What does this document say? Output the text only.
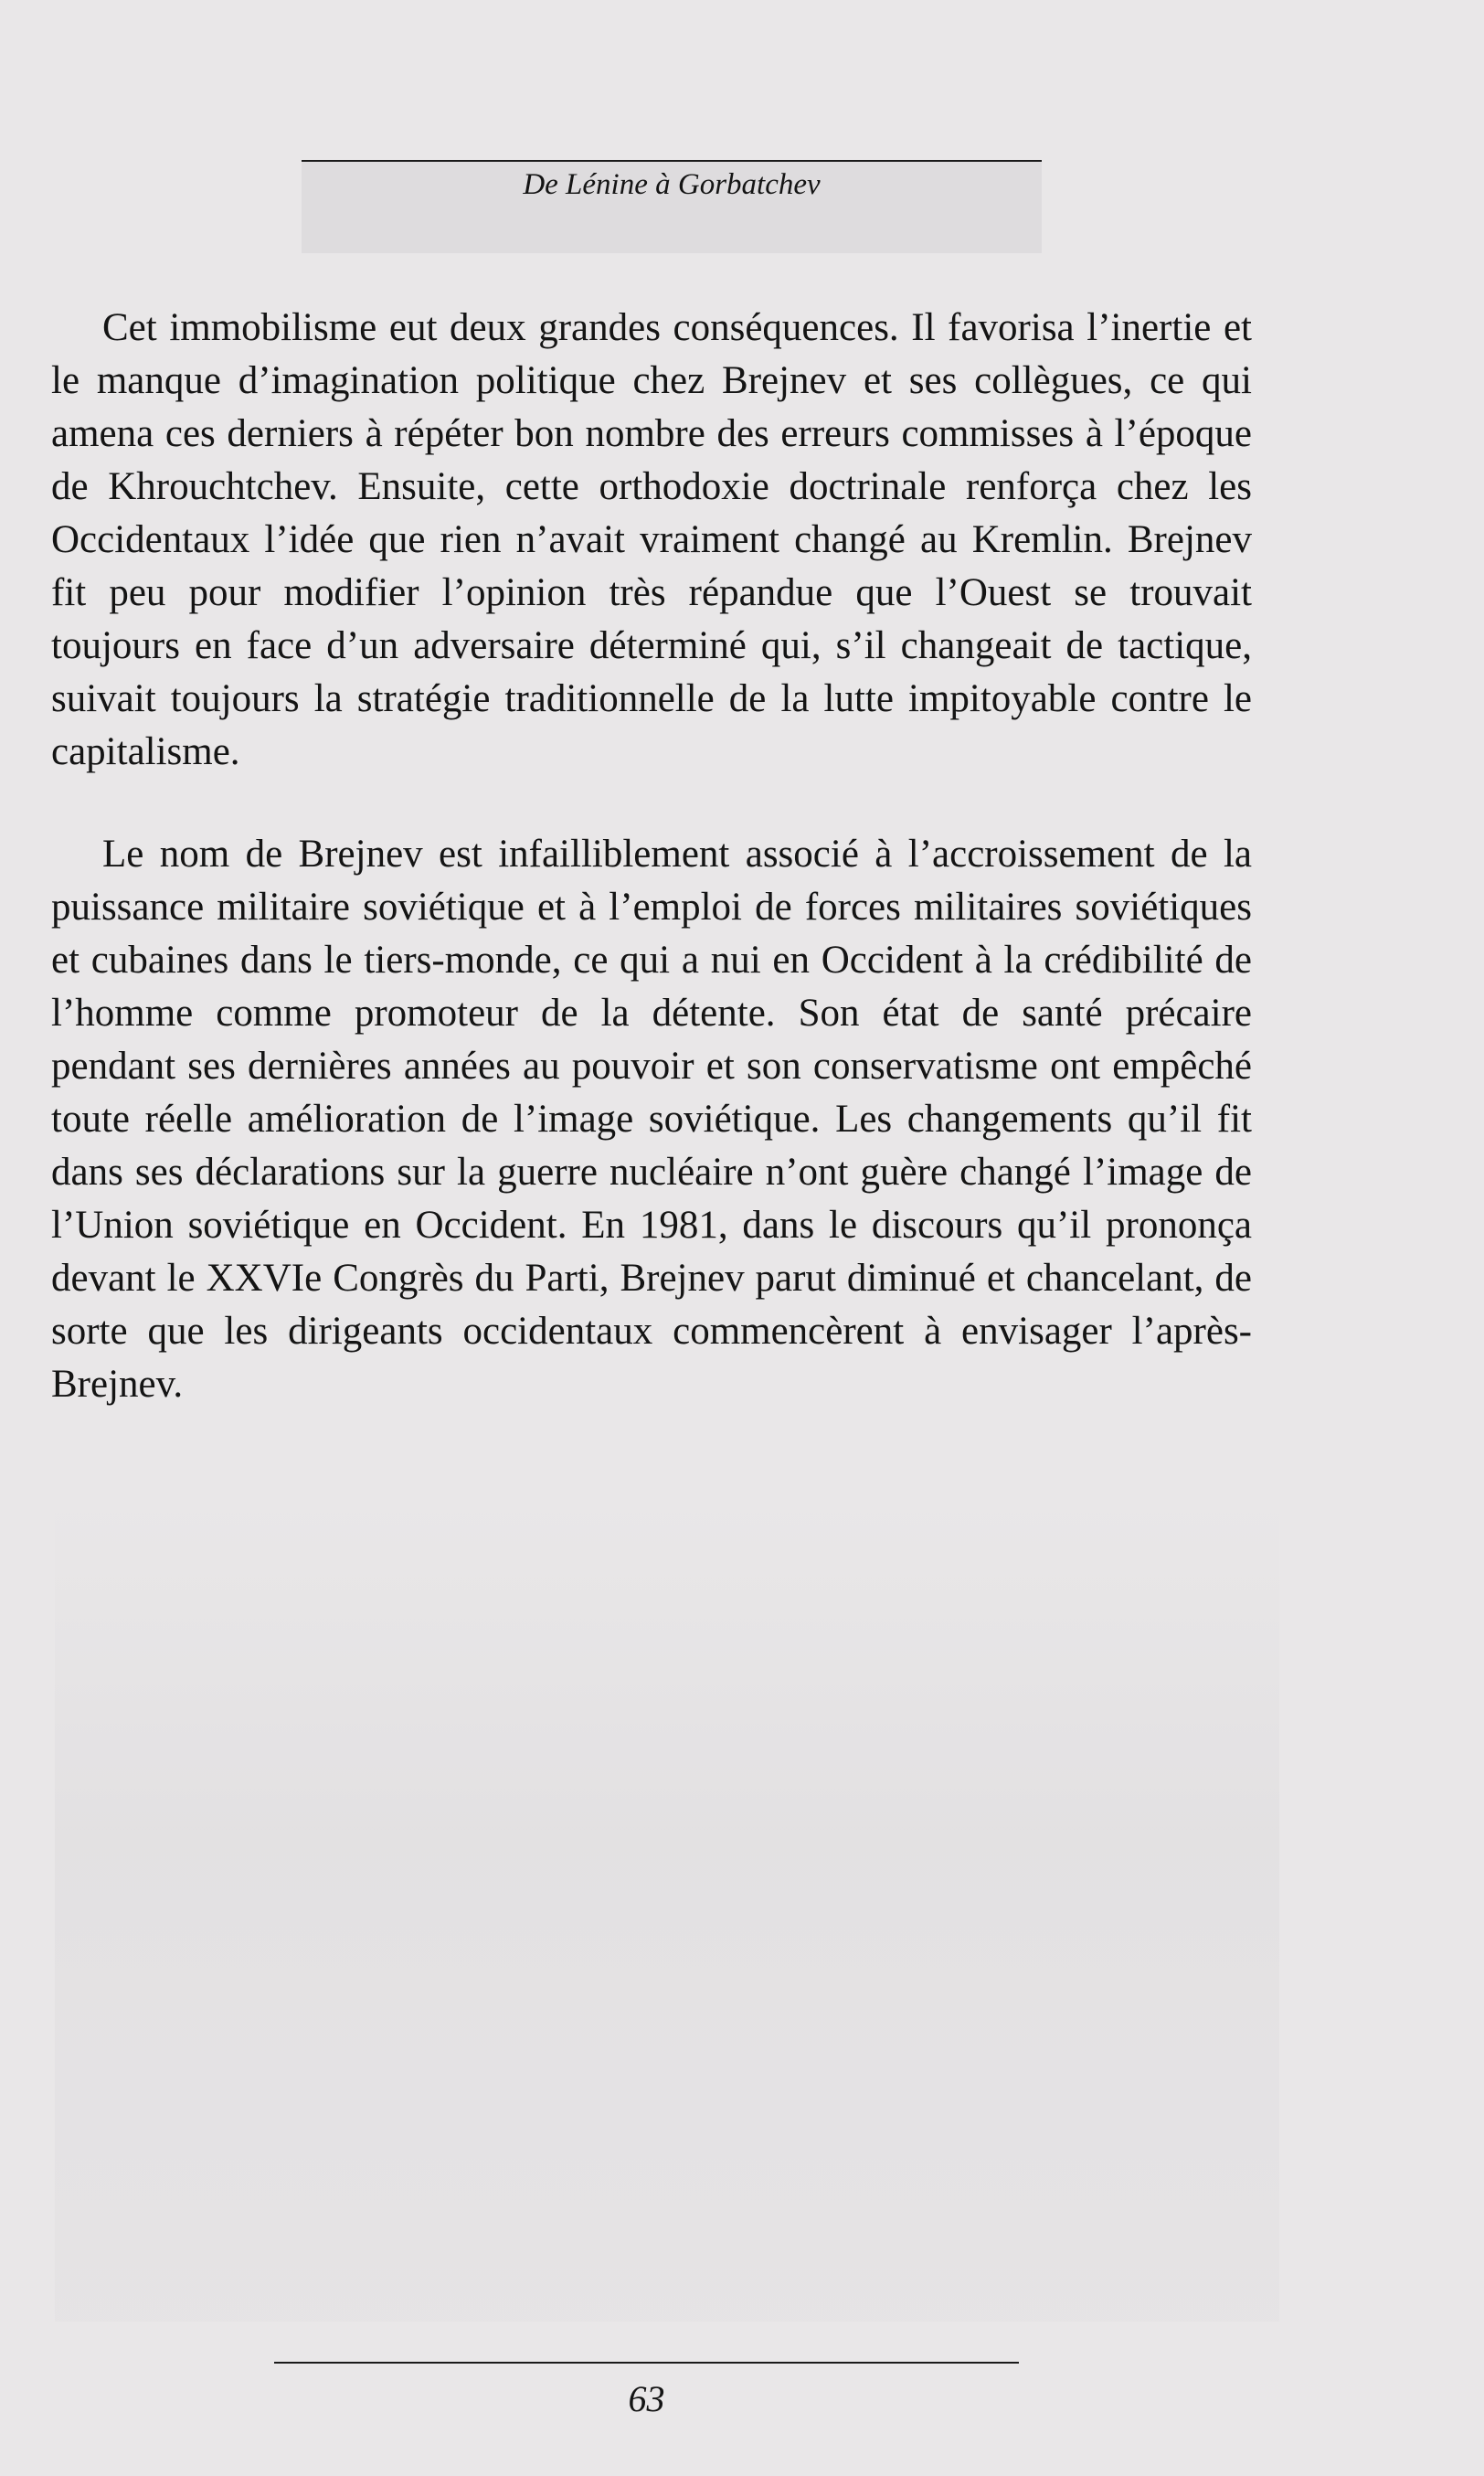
De Lénine à Gorbatchev

Cet immobilisme eut deux grandes conséquences. Il favorisa l’inertie et le manque d’imagination politique chez Brejnev et ses collègues, ce qui amena ces derniers à répéter bon nombre des erreurs commisses à l’époque de Khrouchtchev. Ensuite, cette orthodoxie doctrinale renforça chez les Occidentaux l’idée que rien n’avait vraiment changé au Kremlin. Brejnev fit peu pour modifier l’opinion très répandue que l’Ouest se trouvait toujours en face d’un adversaire déterminé qui, s’il changeait de tactique, suivait toujours la stratégie traditionnelle de la lutte impitoyable contre le capitalisme.

Le nom de Brejnev est infailliblement associé à l’accroissement de la puissance militaire soviétique et à l’emploi de forces militaires soviétiques et cubaines dans le tiers-monde, ce qui a nui en Occident à la crédibilité de l’homme comme promoteur de la détente. Son état de santé précaire pendant ses dernières années au pouvoir et son conservatisme ont empêché toute réelle amélioration de l’image soviétique. Les changements qu’il fit dans ses déclarations sur la guerre nucléaire n’ont guère changé l’image de l’Union soviétique en Occident. En 1981, dans le discours qu’il prononça devant le XXVIe Congrès du Parti, Brejnev parut diminué et chancelant, de sorte que les dirigeants occidentaux commencèrent à envisager l’après-Brejnev.

63
